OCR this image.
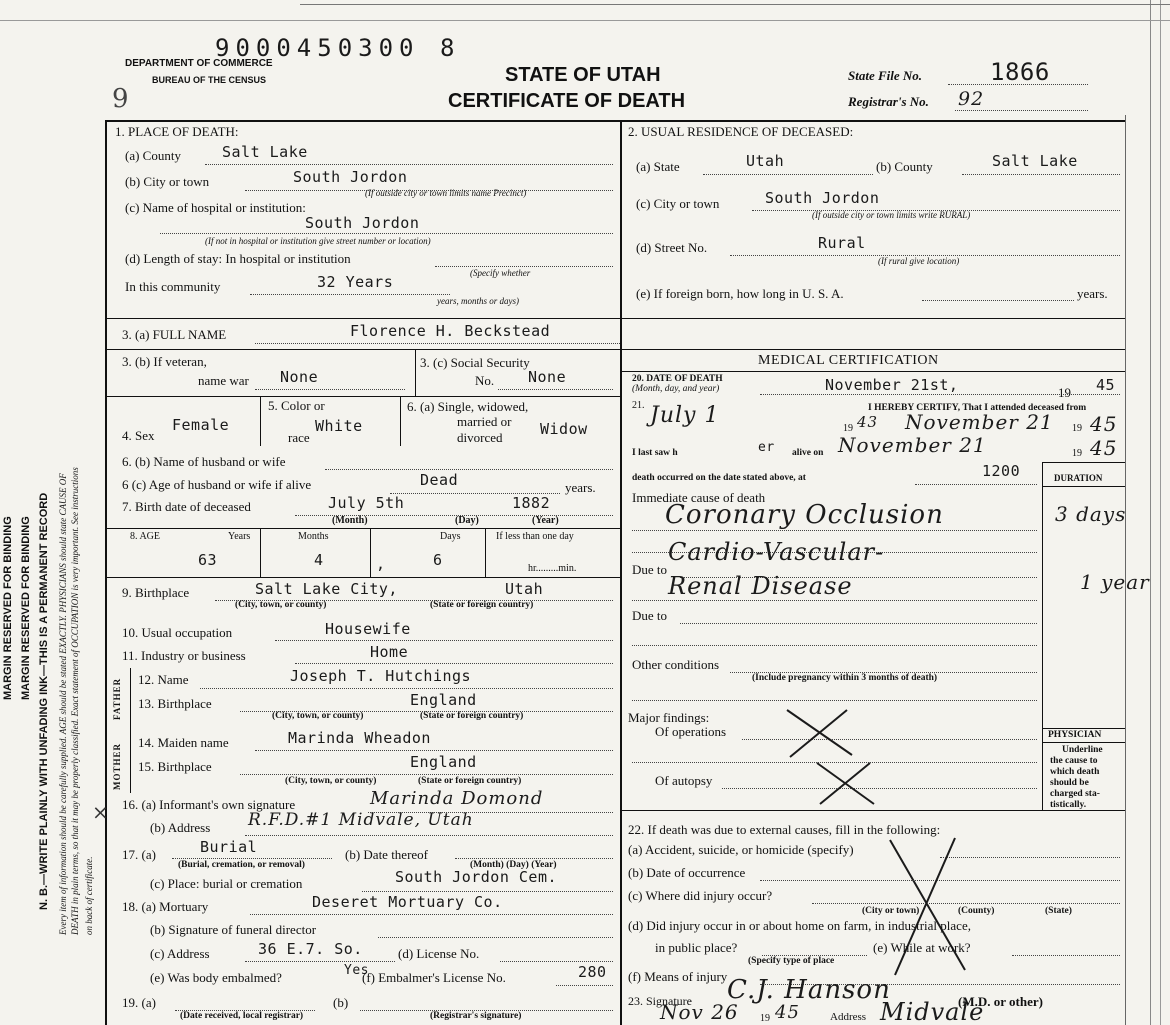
9000450300 8
DEPARTMENT OF COMMERCE
BUREAU OF THE CENSUS	STATE OF UTAH
CERTIFICATE OF DEATH
State File No.	1866
Registrar's No. 92
9
MARGIN RESERVED FOR BINDING MARGIN RESERVED FOR BINDING N. B.—WRITE PLAINLY WITH UNFADING INK—THIS IS A PERMANENT RECORD Every item of information should be carefully supplied. AGE should be stated EXACTLY. PHYSICIANS should state CAUSE OF DEATH in plain terms, so that it may be properly classified. Exact statement of OCCUPATION is very important. See instructions on back of certificate.
1. PLACE OF DEATH:
(a) County	Salt Lake
(b) City or town	South Jordon
(If outside city or town limits name Precinct)
(c) Name of hospital or institution:
South Jordon
(If not in hospital or institution give street number or location)
(d) Length of stay: In hospital or institution
In this community	32 Years	(Specify whether
years, months or days)
2. USUAL RESIDENCE OF DECEASED:
(a) State	Utah	(b) County	Salt Lake
(c) City or town	South Jordon
(If outside city or town limits write RURAL)
(d) Street No.	Rural
(If rural give location)
(e) If foreign born, how long in U. S. A.	years.
3. (a) FULL NAME	Florence H. Beckstead
3. (b) If veteran,
name war None
3. (c) Social Security
No. None
4. Sex
Female
5. Color or
race
White
6. (a) Single, widowed,
married or
divorced	Widow
6. (b) Name of husband or wife
6 (c) Age of husband or wife if alive	Dead	years.
7. Birth date of deceased	July 5th	1882
(Month)	(Day)	(Year)
8. AGE	Years	Months	Days	If less than one day
hr.........min.
63	4	,	6
9. Birthplace	Salt Lake City,	Utah
(City, town, or county)	(State or foreign country)
10. Usual occupation	Housewife
11. Industry or business	Home
FATHER
MOTHER
12. Name	Joseph T. Hutchings
13. Birthplace	England
(City, town, or county)	(State or foreign country)
14. Maiden name	Marinda Wheadon
15. Birthplace	England
(City, town, or county)	(State or foreign country)
× 16. (a) Informant's own signature	Marinda Domond
(b) Address R.F.D.#1 Midvale, Utah
17. (a)	Burial	(b) Date thereof
(Burial, cremation, or removal)	(Month) (Day) (Year)
(c) Place: burial or cremation	South Jordon Cem.
18. (a) Mortuary	Deseret Mortuary Co.
(b) Signature of funeral director
(c) Address	36 E.7. So.	(d) License No.
(e) Was body embalmed?	Yes
(f) Embalmer's License No.	280
19. (a)	(b)
(Date received, local registrar)	(Registrar's signature)
MEDICAL CERTIFICATION
20. DATE OF DEATH
(Month, day, and year)	November 21st,	19 45
21. July 1	I HEREBY CERTIFY, That I attended deceased from
19 43 November 21 19 45
I last saw h	er alive on November 21	19 45
death occurred on the date stated above, at	1200	DURATION
Immediate cause of death
Coronary Occlusion	3 days
Due to
Cardio-Vascular-
Renal Disease	1 year
Due to
Other conditions
(Include pregnancy within 3 months of death)
Major findings:
Of operations
Of autopsy
PHYSICIAN
Underline
the cause to
which death
should be
charged sta-
tistically.
22. If death was due to external causes, fill in the following:
(a) Accident, suicide, or homicide (specify)
(b) Date of occurrence
(c) Where did injury occur?
(City or town)	(County)	(State)
(d) Did injury occur in or about home on farm, in industrial place,
in public place?
(Specify type of place
(e) While at work?
(f) Means of injury
23. Signature C.J. Hanson	(M.D. or other)
Nov 26 19 45	Address Midvale
